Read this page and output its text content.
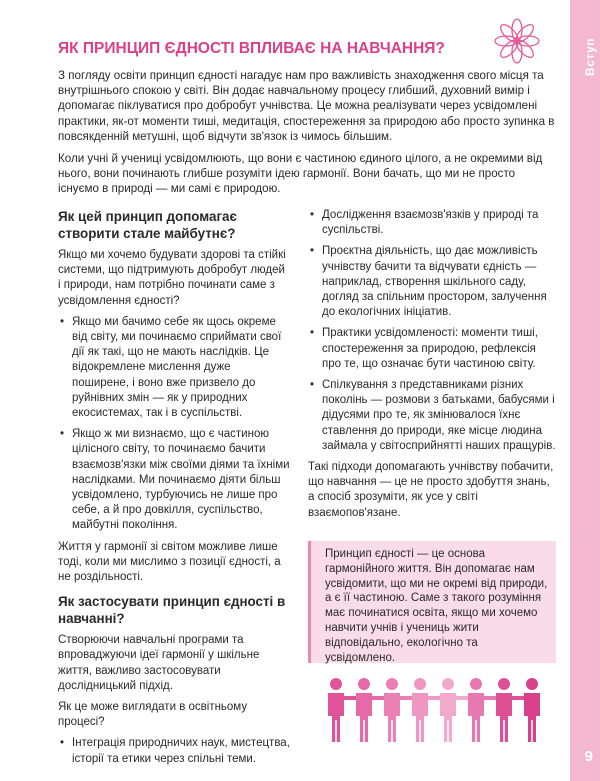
Вступ
9
ЯК ПРИНЦИП ЄДНОСТІ ВПЛИВАЄ НА НАВЧАННЯ?

З погляду освіти принцип єдності нагадує нам про важливість знаходження свого місця та внутрішнього спокою у світі. Він додає навчальному процесу глибший, духовний вимір і допомагає піклуватися про добробут учнівства. Це можна реалізувати через усвідомлені практики, як-от моменти тиші, медитація, спостереження за природою або просто зупинка в повсякденній метушні, щоб відчути зв'язок із чимось більшим.

Коли учні й учениці усвідомлюють, що вони є частиною єдиного цілого, а не окремими від нього, вони починають глибше розуміти ідею гармонії. Вони бачать, що ми не просто існуємо в природі — ми самі є природою.

Як цей принцип допомагає створити стале майбутнє?

Якщо ми хочемо будувати здорові та стійкі системи, що підтримують добробут людей і природи, нам потрібно починати саме з усвідомлення єдності?

• Якщо ми бачимо себе як щось окреме від світу, ми починаємо сприймати свої дії як такі, що не мають наслідків. Це відокремлене мислення дуже поширене, і воно вже призвело до руйнівних змін — як у природних екосистемах, так і в суспільстві.
• Якщо ж ми визнаємо, що є частиною цілісного світу, то починаємо бачити взаємозв'язки між своїми діями та їхніми наслідками. Ми починаємо діяти більш усвідомлено, турбуючись не лише про себе, а й про довкілля, суспільство, майбутні покоління.

Життя у гармонії зі світом можливе лише тоді, коли ми мислимо з позиції єдності, а не роздільності.

Як застосувати принцип єдності в навчанні?

Створюючи навчальні програми та впроваджуючи ідеї гармонії у шкільне життя, важливо застосовувати дослідницький підхід.

Як це може виглядати в освітньому процесі?

• Інтеграція природничих наук, мистецтва, історії та етики через спільні теми.
• Дослідження взаємозв'язків у природі та суспільстві.
• Проєктна діяльність, що дає можливість учнівству бачити та відчувати єдність — наприклад, створення шкільного саду, догляд за спільним простором, залучення до екологічних ініціатив.
• Практики усвідомленості: моменти тиші, спостереження за природою, рефлексія про те, що означає бути частиною світу.
• Спілкування з представниками різних поколінь — розмови з батьками, бабусями і дідусями про те, як змінювалося їхнє ставлення до природи, яке місце людина займала у світосприйнятті наших пращурів.

Такі підходи допомагають учнівству побачити, що навчання — це не просто здобуття знань, а спосіб зрозуміти, як усе у світі взаємопов'язане.

Принцип єдності — це основа гармонійного життя. Він допомагає нам усвідомити, що ми не окремі від природи, а є її частиною. Саме з такого розуміння має починатися освіта, якщо ми хочемо навчити учнів і учениць жити відповідально, екологічно та усвідомлено.
